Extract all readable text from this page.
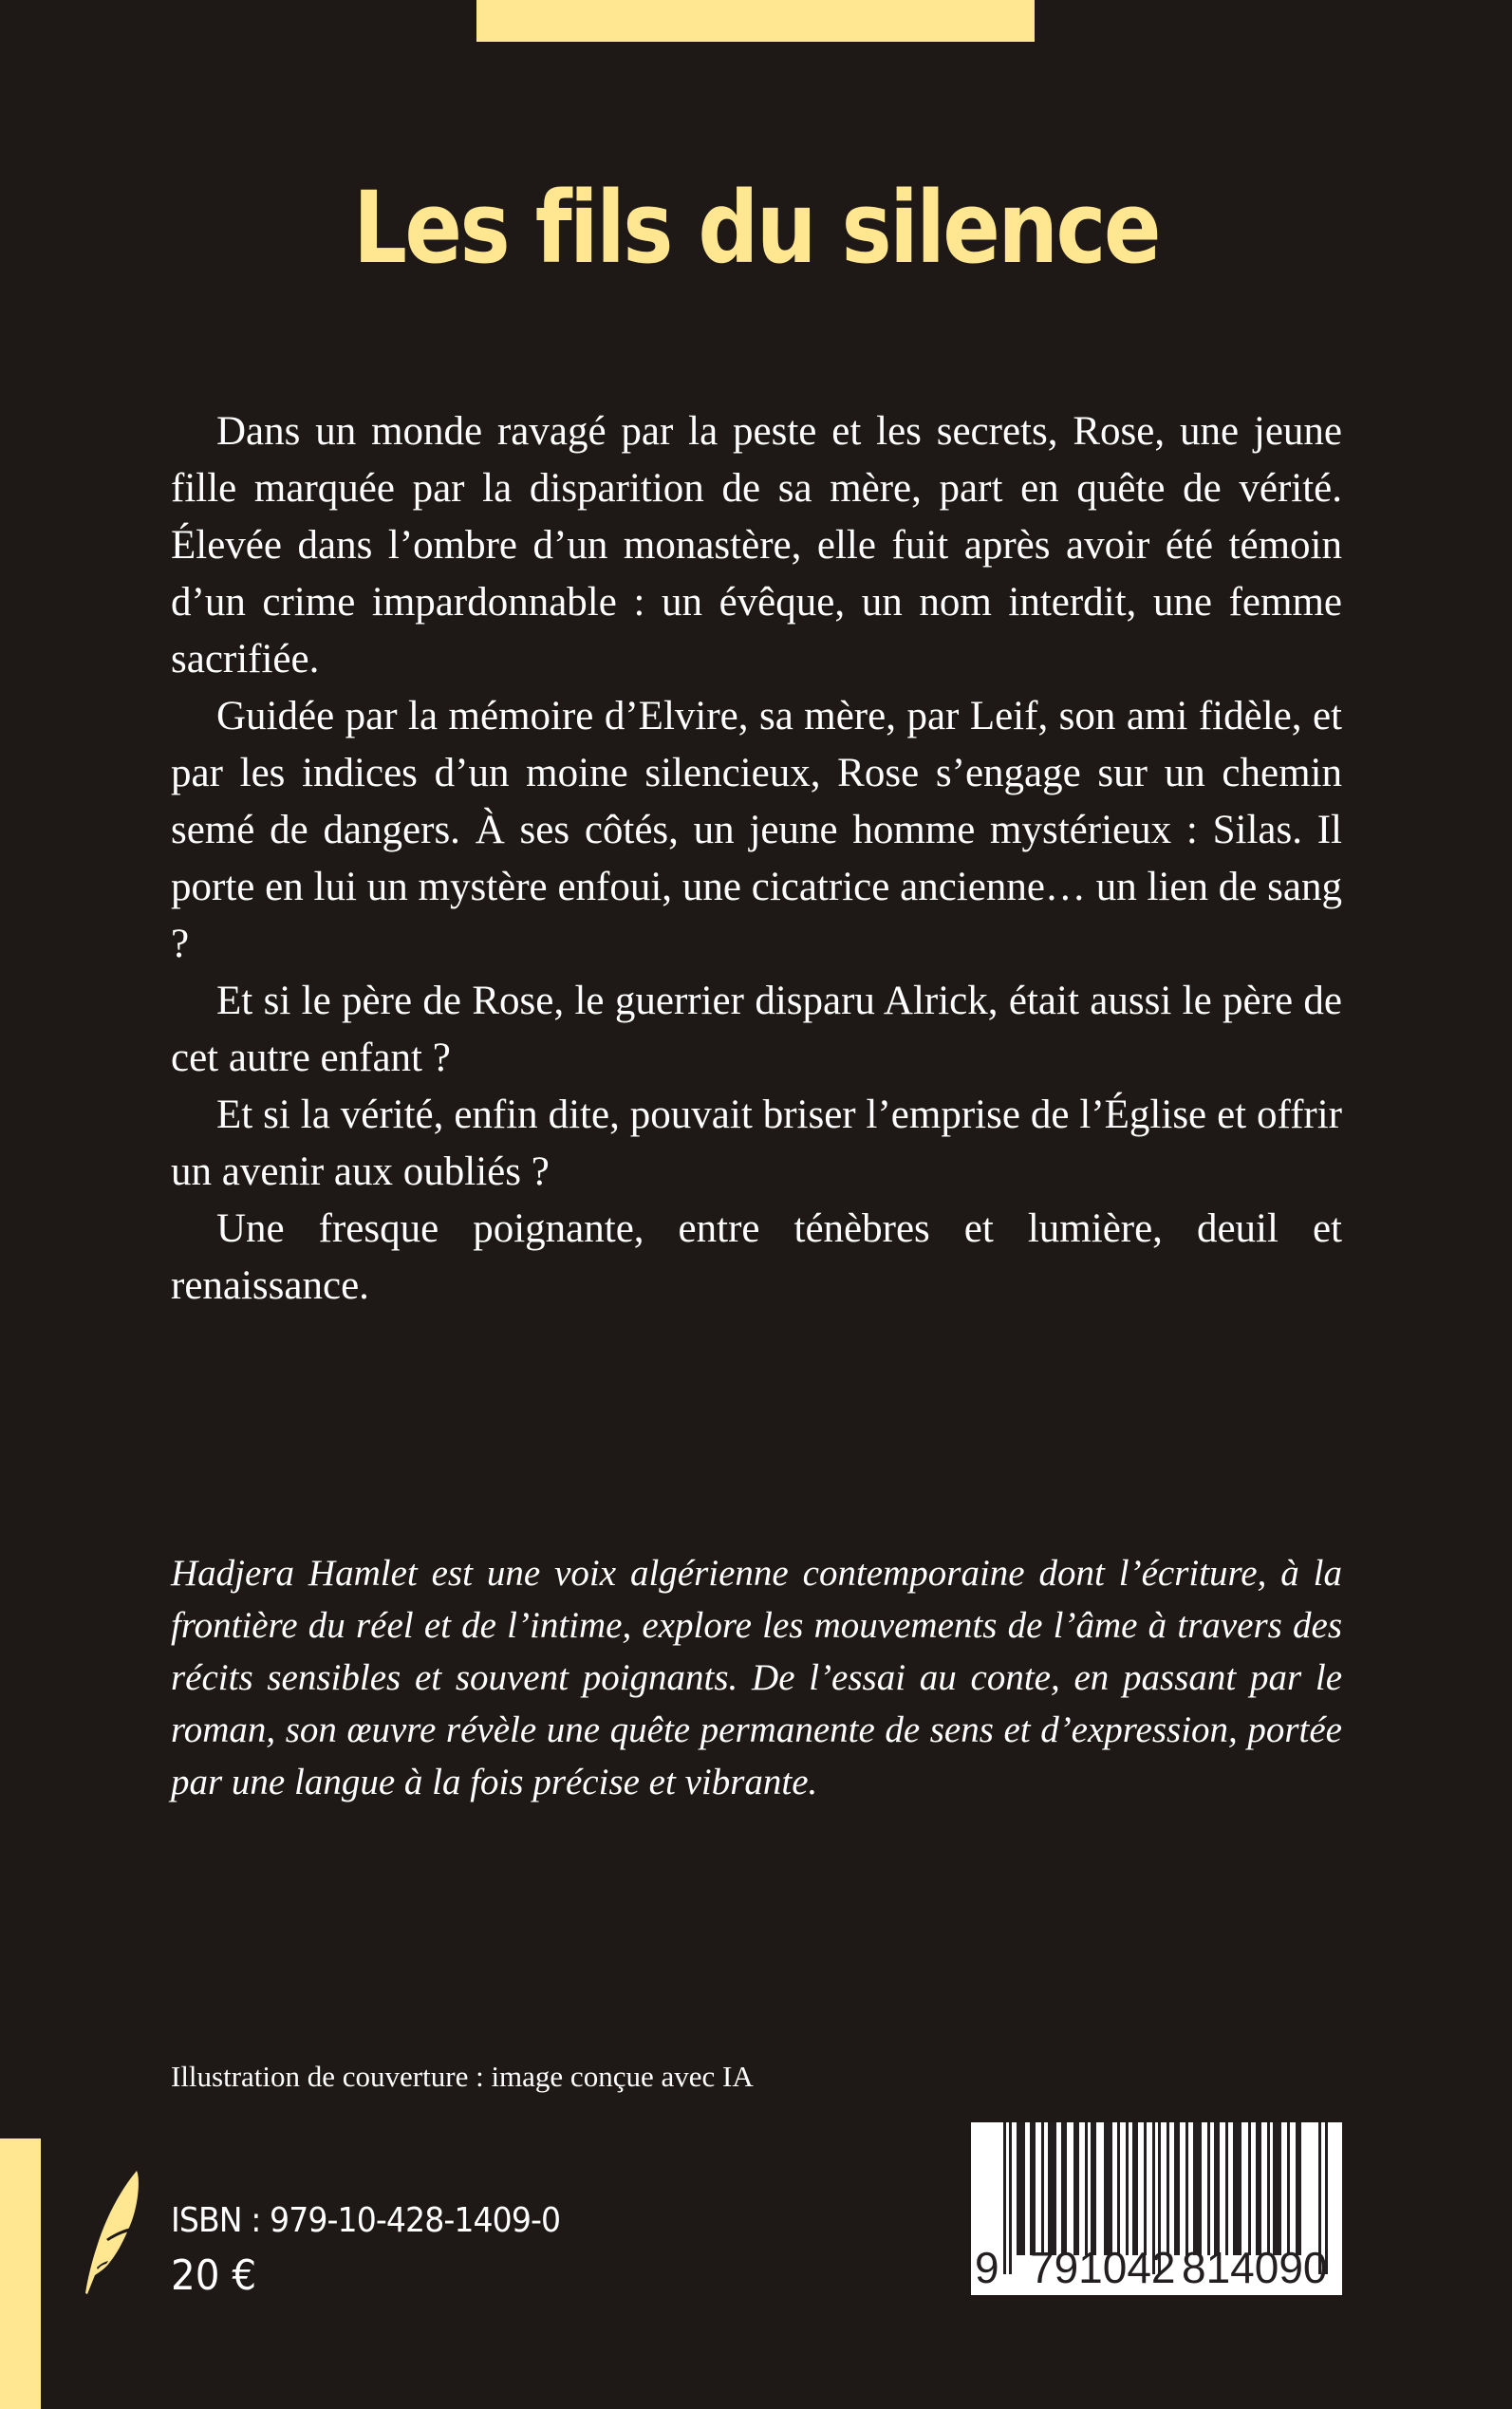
Les fils du silence

Dans un monde ravagé par la peste et les secrets, Rose, une jeune fille marquée par la disparition de sa mère, part en quête de vérité. Élevée dans l’ombre d’un monastère, elle fuit après avoir été témoin d’un crime impardonnable : un évêque, un nom interdit, une femme sacrifiée.

Guidée par la mémoire d’Elvire, sa mère, par Leif, son ami fidèle, et par les indices d’un moine silencieux, Rose s’engage sur un chemin semé de dangers. À ses côtés, un jeune homme mystérieux : Silas. Il porte en lui un mystère enfoui, une cicatrice ancienne… un lien de sang ?

Et si le père de Rose, le guerrier disparu Alrick, était aussi le père de cet autre enfant ?

Et si la vérité, enfin dite, pouvait briser l’emprise de l’Église et offrir un avenir aux oubliés ?

Une fresque poignante, entre ténèbres et lumière, deuil et renaissance.

Hadjera Hamlet est une voix algérienne contemporaine dont l’écriture, à la frontière du réel et de l’intime, explore les mouvements de l’âme à travers des récits sensibles et souvent poignants. De l’essai au conte, en passant par le roman, son œuvre révèle une quête permanente de sens et d’expression, portée par une langue à la fois précise et vibrante.

Illustration de couverture : image conçue avec IA

ISBN : 979-10-428-1409-0

20 €	9 791042 814090
